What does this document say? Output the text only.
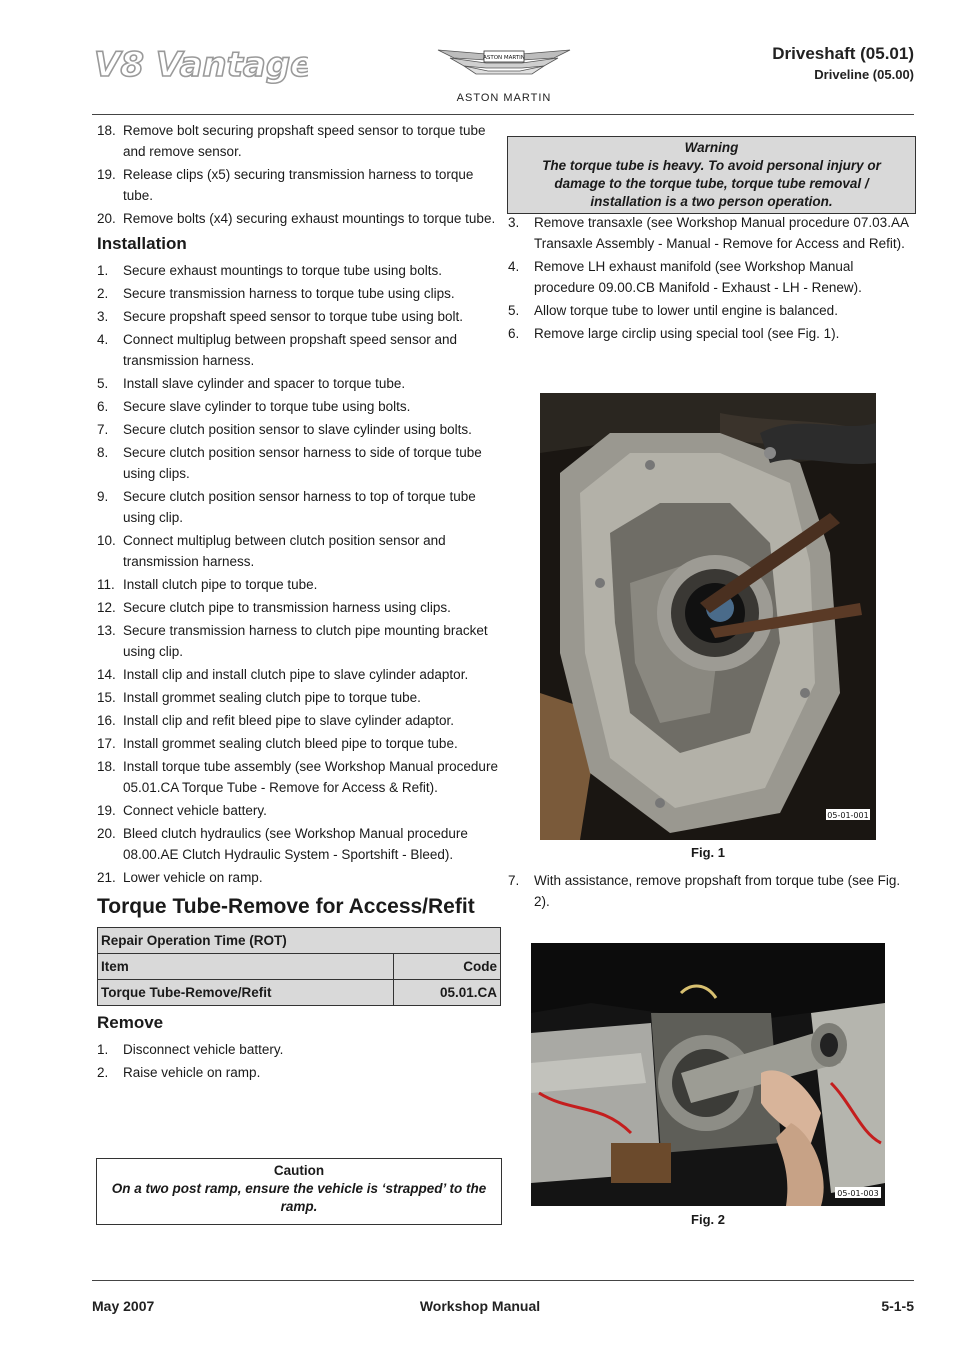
V8 Vantage	ASTON MARTIN
ASTON MARTIN
Driveshaft (05.01)
Driveline (05.00)
18. Remove bolt securing propshaft speed sensor to torque tube and remove sensor.
19. Release clips (x5) securing transmission harness to torque tube.
20. Remove bolts (x4) securing exhaust mountings to torque tube.
Installation
1. Secure exhaust mountings to torque tube using bolts.
2. Secure transmission harness to torque tube using clips.
3. Secure propshaft speed sensor to torque tube using bolt.
4. Connect multiplug between propshaft speed sensor and transmission harness.
5. Install slave cylinder and spacer to torque tube.
6. Secure slave cylinder to torque tube using bolts.
7. Secure clutch position sensor to slave cylinder using bolts.
8. Secure clutch position sensor harness to side of torque tube using clips.
9. Secure clutch position sensor harness to top of torque tube using clip.
10. Connect multiplug between clutch position sensor and transmission harness.
11. Install clutch pipe to torque tube.
12. Secure clutch pipe to transmission harness using clips.
13. Secure transmission harness to clutch pipe mounting bracket using clip.
14. Install clip and install clutch pipe to slave cylinder adaptor.
15. Install grommet sealing clutch pipe to torque tube.
16. Install clip and refit bleed pipe to slave cylinder adaptor.
17. Install grommet sealing clutch bleed pipe to torque tube.
18. Install torque tube assembly (see Workshop Manual procedure 05.01.CA Torque Tube - Remove for Access & Refit).
19. Connect vehicle battery.
20. Bleed clutch hydraulics (see Workshop Manual procedure 08.00.AE Clutch Hydraulic System - Sportshift - Bleed).
21. Lower vehicle on ramp.
Torque Tube-Remove for Access/Refit
Repair Operation Time (ROT)	
Item	Code
Torque Tube-Remove/Refit	05.01.CA
Remove
1. Disconnect vehicle battery.
2. Raise vehicle on ramp.
Caution
On a two post ramp, ensure the vehicle is ‘strapped’ to the ramp.
Warning
The torque tube is heavy. To avoid personal injury or damage to the torque tube, torque tube removal / installation is a two person operation.
3. Remove transaxle (see Workshop Manual procedure 07.03.AA Transaxle Assembly - Manual - Remove for Access and Refit).
4. Remove LH exhaust manifold (see Workshop Manual procedure 09.00.CB Manifold - Exhaust - LH - Renew).
5. Allow torque tube to lower until engine is balanced.
6. Remove large circlip using special tool (see Fig. 1).
05-01-001
Fig. 1
7. With assistance, remove propshaft from torque tube (see Fig. 2).
05-01-003
Fig. 2
May 2007	Workshop Manual	5-1-5
